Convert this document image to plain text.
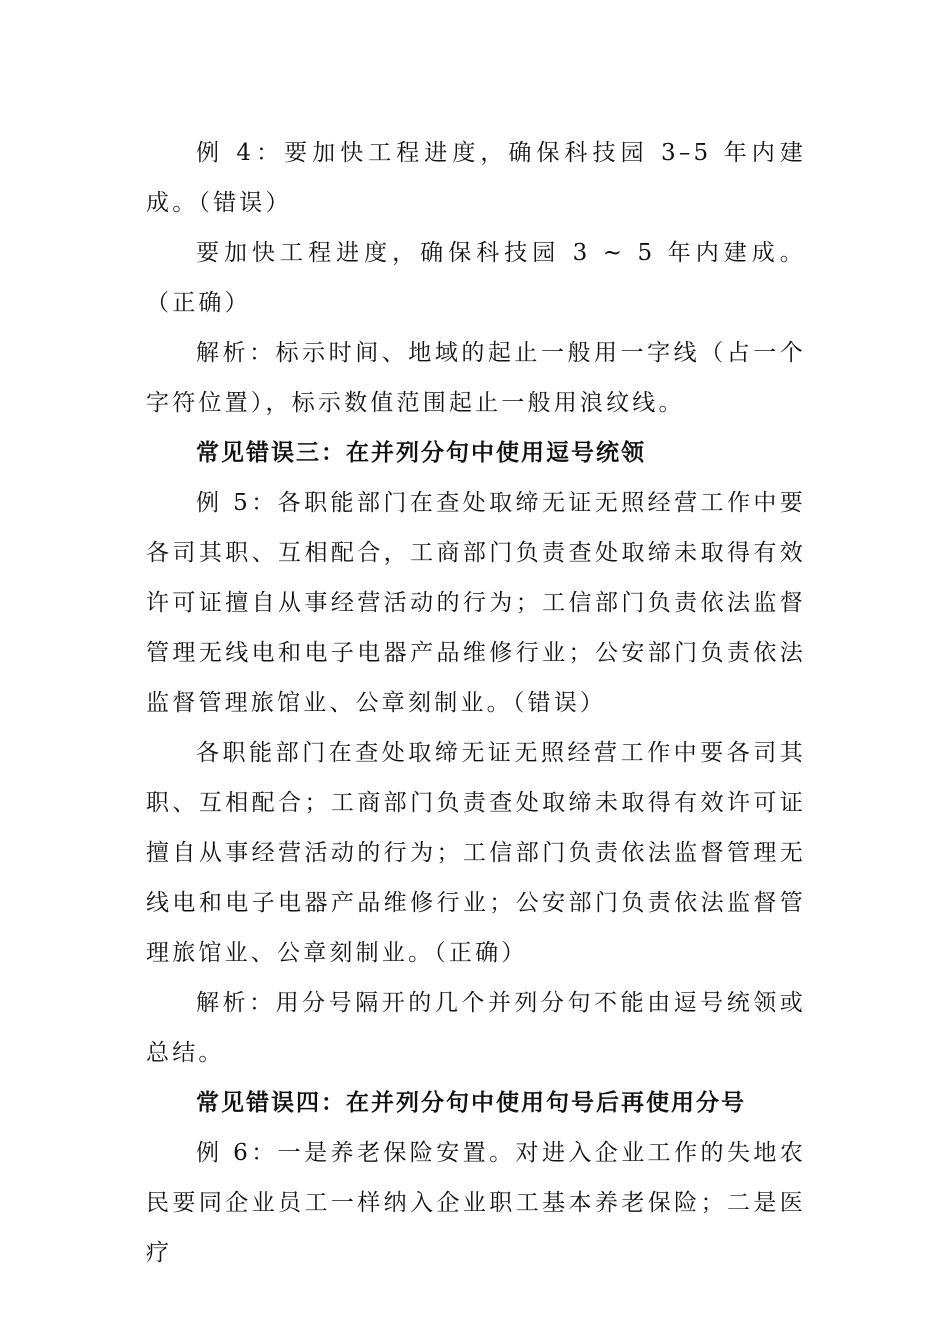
例 4：要加快工程进度，确保科技园 3–5 年内建成。（错误）

要加快工程进度，确保科技园 3 ~ 5 年内建成。（正确）

解析：标示时间、地域的起止一般用一字线（占一个字符位置），标示数值范围起止一般用浪纹线。

常见错误三：在并列分句中使用逗号统领

例 5：各职能部门在查处取缔无证无照经营工作中要各司其职、互相配合，工商部门负责查处取缔未取得有效许可证擅自从事经营活动的行为；工信部门负责依法监督管理无线电和电子电器产品维修行业；公安部门负责依法监督管理旅馆业、公章刻制业。（错误）

各职能部门在查处取缔无证无照经营工作中要各司其职、互相配合；工商部门负责查处取缔未取得有效许可证擅自从事经营活动的行为；工信部门负责依法监督管理无线电和电子电器产品维修行业；公安部门负责依法监督管理旅馆业、公章刻制业。（正确）

解析：用分号隔开的几个并列分句不能由逗号统领或总结。

常见错误四：在并列分句中使用句号后再使用分号

例 6：一是养老保险安置。对进入企业工作的失地农民要同企业员工一样纳入企业职工基本养老保险；二是医疗
